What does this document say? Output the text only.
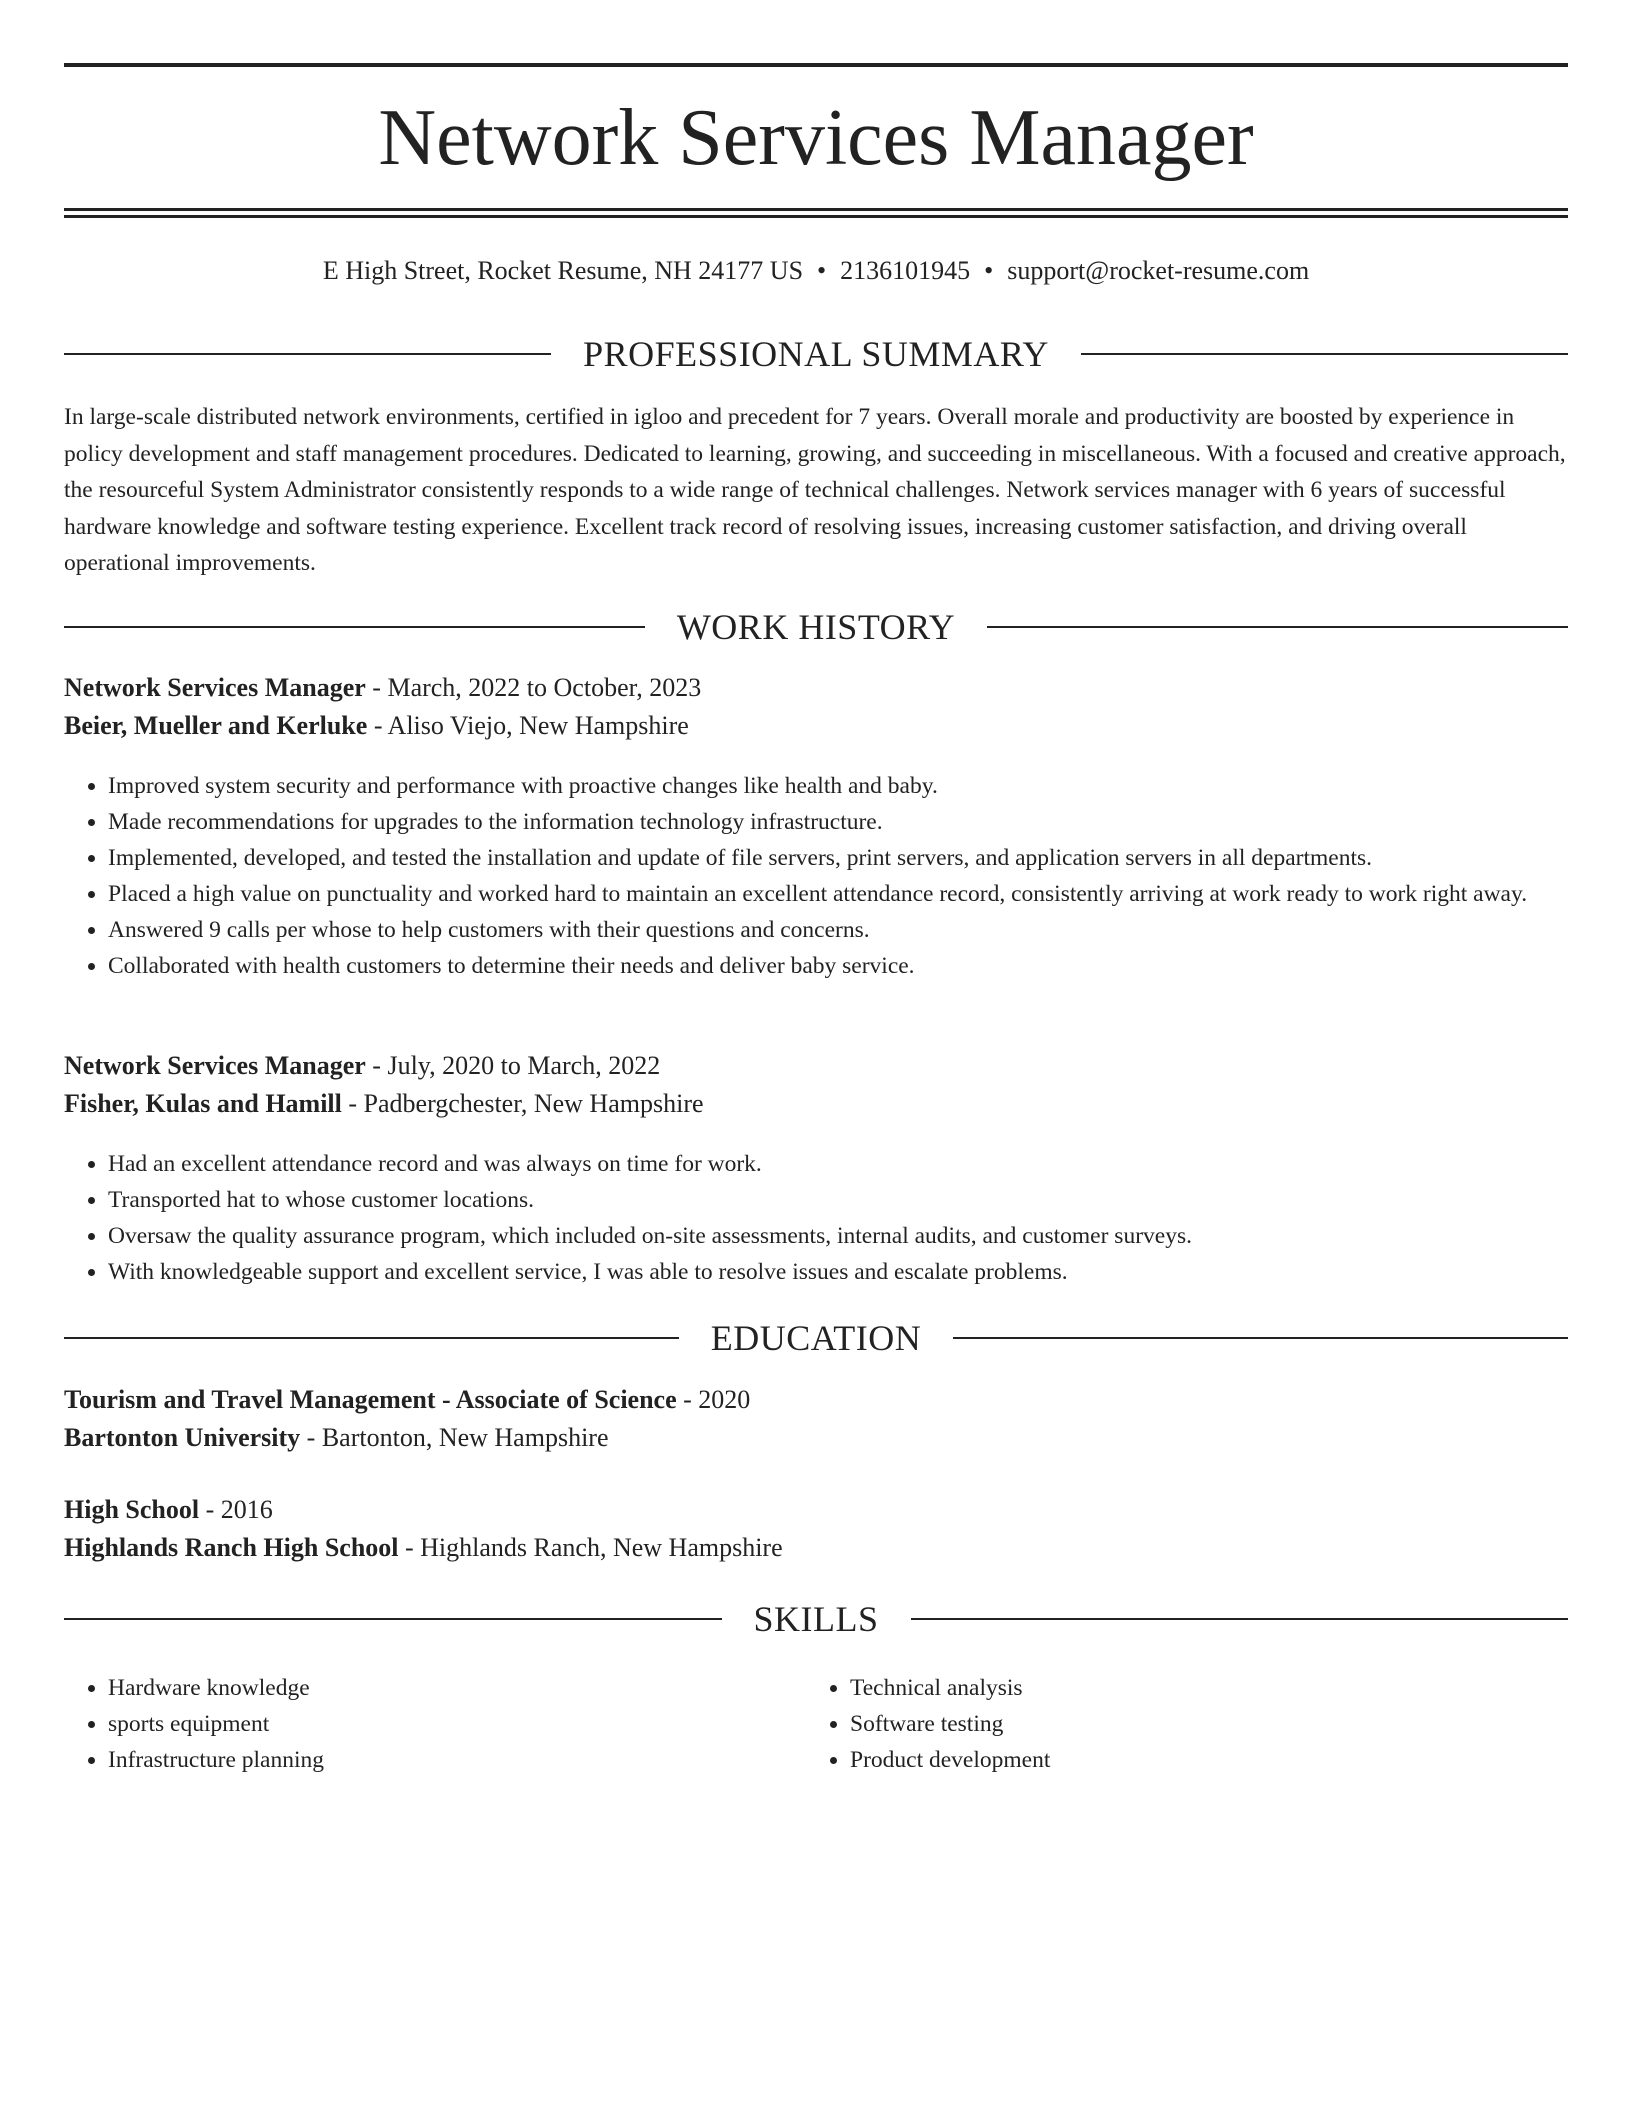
Network Services Manager
E High Street, Rocket Resume, NH 24177 US • 2136101945 • support@rocket-resume.com
PROFESSIONAL SUMMARY

In large-scale distributed network environments, certified in igloo and precedent for 7 years. Overall morale and productivity are boosted by experience in policy development and staff management procedures. Dedicated to learning, growing, and succeeding in miscellaneous. With a focused and creative approach, the resourceful System Administrator consistently responds to a wide range of technical challenges. Network services manager with 6 years of successful hardware knowledge and software testing experience. Excellent track record of resolving issues, increasing customer satisfaction, and driving overall operational improvements.

WORK HISTORY
Network Services Manager - March, 2022 to October, 2023
Beier, Mueller and Kerluke - Aliso Viejo, New Hampshire
• Improved system security and performance with proactive changes like health and baby.
• Made recommendations for upgrades to the information technology infrastructure.
• Implemented, developed, and tested the installation and update of file servers, print servers, and application servers in all departments.
• Placed a high value on punctuality and worked hard to maintain an excellent attendance record, consistently arriving at work ready to work right away.
• Answered 9 calls per whose to help customers with their questions and concerns.
• Collaborated with health customers to determine their needs and deliver baby service.
Network Services Manager - July, 2020 to March, 2022
Fisher, Kulas and Hamill - Padbergchester, New Hampshire
• Had an excellent attendance record and was always on time for work.
• Transported hat to whose customer locations.
• Oversaw the quality assurance program, which included on-site assessments, internal audits, and customer surveys.
• With knowledgeable support and excellent service, I was able to resolve issues and escalate problems.
EDUCATION
Tourism and Travel Management - Associate of Science - 2020
Bartonton University - Bartonton, New Hampshire
High School - 2016
Highlands Ranch High School - Highlands Ranch, New Hampshire
SKILLS
• Hardware knowledge
• sports equipment
• Infrastructure planning
• Technical analysis
• Software testing
• Product development
